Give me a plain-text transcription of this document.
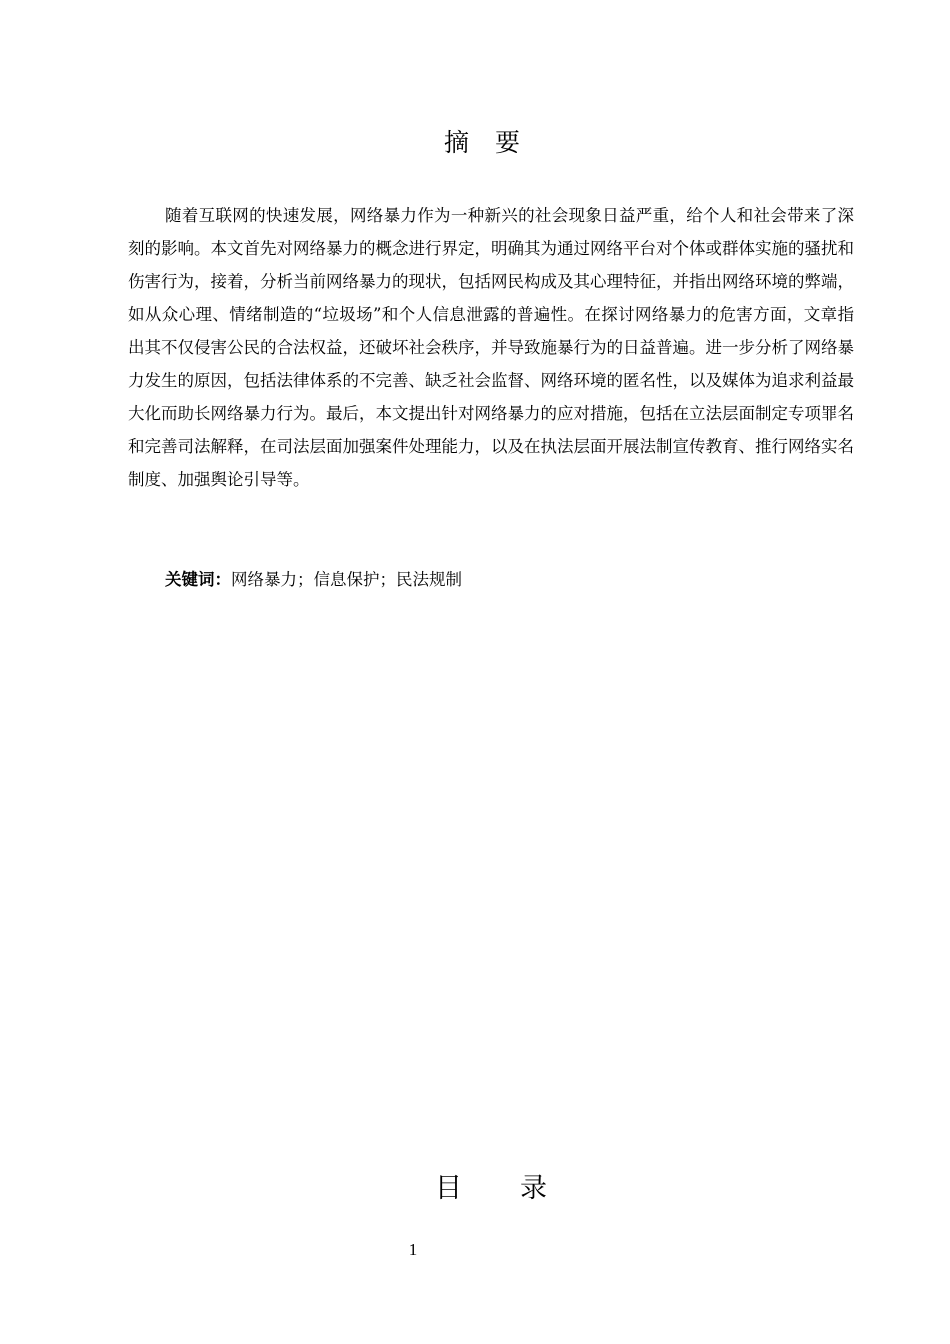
摘要

随着互联网的快速发展，网络暴力作为一种新兴的社会现象日益严重，给个人和社会带来了深刻的影响。本文首先对网络暴力的概念进行界定，明确其为通过网络平台对个体或群体实施的骚扰和伤害行为，接着，分析当前网络暴力的现状，包括网民构成及其心理特征，并指出网络环境的弊端，如从众心理、情绪制造的“垃圾场”和个人信息泄露的普遍性。在探讨网络暴力的危害方面，文章指出其不仅侵害公民的合法权益，还破坏社会秩序，并导致施暴行为的日益普遍。进一步分析了网络暴力发生的原因，包括法律体系的不完善、缺乏社会监督、网络环境的匿名性，以及媒体为追求利益最大化而助长网络暴力行为。最后，本文提出针对网络暴力的应对措施，包括在立法层面制定专项罪名和完善司法解释，在司法层面加强案件处理能力，以及在执法层面开展法制宣传教育、推行网络实名制度、加强舆论引导等。

关键词：网络暴力；信息保护；民法规制
目录
1
